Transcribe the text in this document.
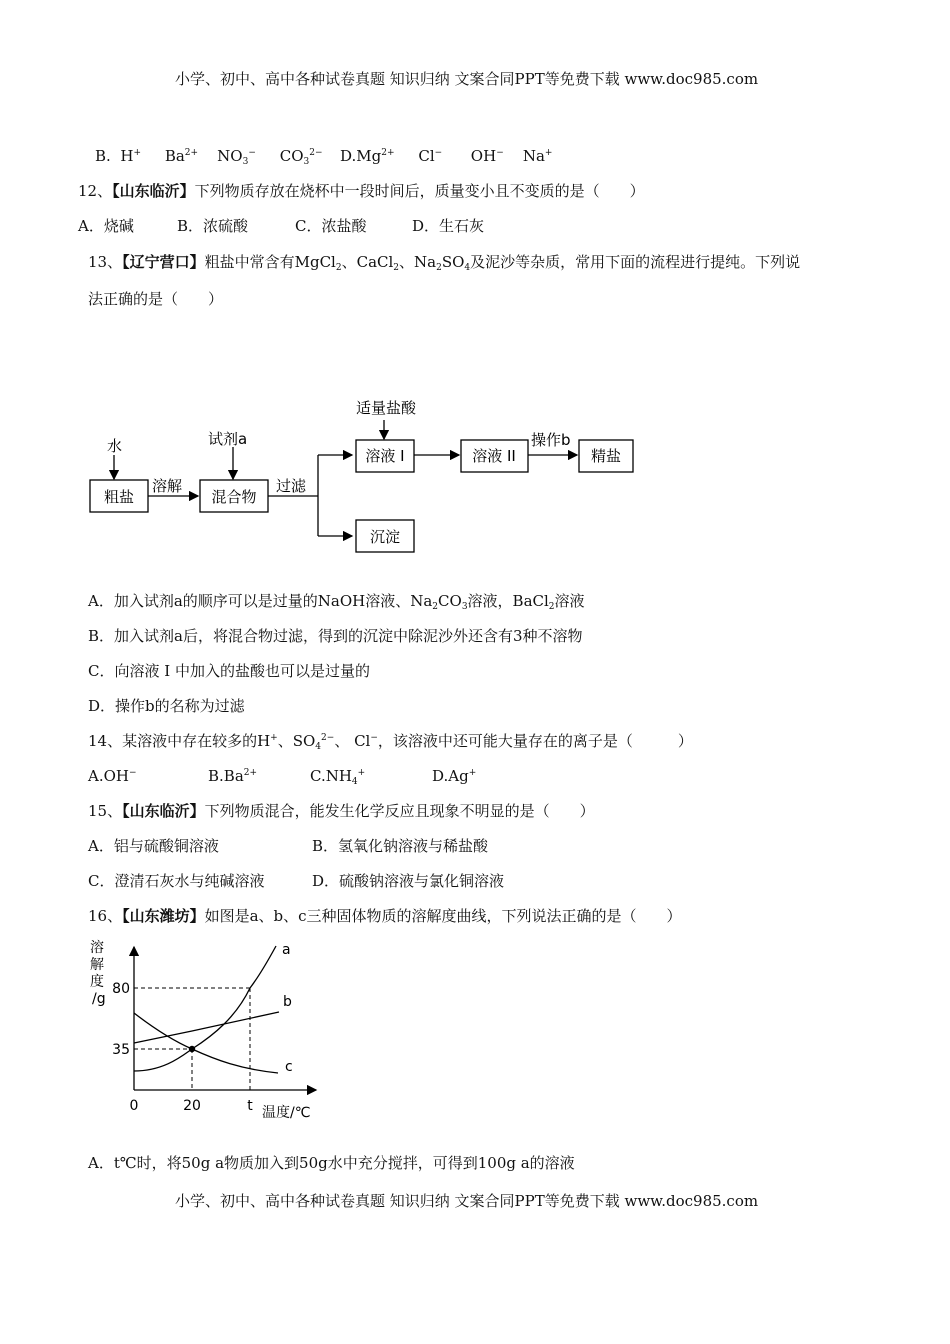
小学、初中、高中各种试卷真题 知识归纳 文案合同PPT等免费下载 www.doc985.com
B. H+ $Ba^{2+}$ $NO_3^-$ $CO_3^{2-}$ $D.Mg^{2+}$ Cl− OH− Na+
12、【山东临沂】下列物质存放在烧杯中一段时间后，质量变小且不变质的是（　　）
A．烧碱	B．浓硫酸	C．浓盐酸	D．生石灰
13、【辽宁营口】粗盐中常含有MgCl$_2$、CaCl$_2$、$Na_2SO_4$及泥沙等杂质，常用下面的流程进行提纯。下列说
法正确的是（　　）
水
粗盐
溶解
试剂a
混合物
过滤
适量盐酸
溶液 I	溶液 II
操作b
精盐
沉淀
A．加入试剂a的顺序可以是过量的NaOH溶液、$Na_2CO_3$溶液，BaCl$_2$溶液
B．加入试剂a后，将混合物过滤，得到的沉淀中除泥沙外还含有3种不溶物
C．向溶液 I 中加入的盐酸也可以是过量的
D．操作b的名称为过滤
14、某溶液中存在较多的H+、$SO_4^{2-}$、 Cl−，该溶液中还可能大量存在的离子是（　　　）
A.OH−	$B.Ba^{2+}$	$C.NH_4^+$	D.Ag+
15、【山东临沂】下列物质混合，能发生化学反应且现象不明显的是（　　）
A．铝与硫酸铜溶液	B．氢氧化钠溶液与稀盐酸
C．澄清石灰水与纯碱溶液	D．硫酸钠溶液与氯化铜溶液
16、【山东潍坊】如图是a、b、c三种固体物质的溶解度曲线，下列说法正确的是（　　）
溶
解
度
/g
80
35
0	20	t 温度/℃
a
b
c
A．t℃时，将50g a物质加入到50g水中充分搅拌，可得到100g a的溶液
小学、初中、高中各种试卷真题 知识归纳 文案合同PPT等免费下载 www.doc985.com
